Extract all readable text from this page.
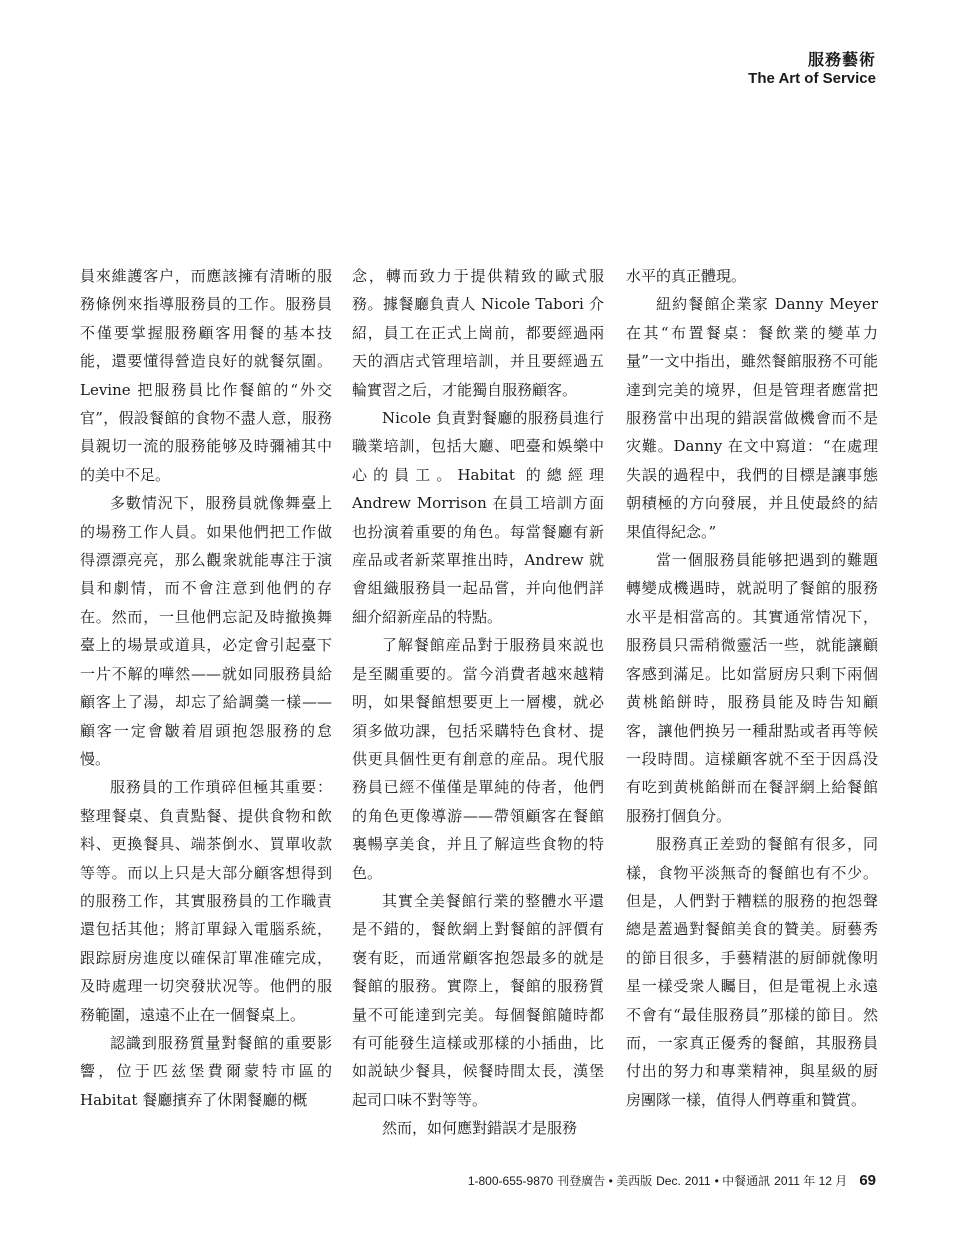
服務藝術
The Art of Service

員來維護客户，而應該擁有清晰的服務條例來指導服務員的工作。服務員不僅要掌握服務顧客用餐的基本技能，還要懂得營造良好的就餐氛圍。Levine 把服務員比作餐館的“外交官”，假設餐館的食物不盡人意，服務員親切一流的服務能够及時彌補其中的美中不足。

多數情況下，服務員就像舞臺上的場務工作人員。如果他們把工作做得漂漂亮亮，那么觀衆就能專注于演員和劇情，而不會注意到他們的存在。然而，一旦他們忘記及時撤換舞臺上的場景或道具，必定會引起臺下一片不解的嘩然——就如同服務員給顧客上了湯，却忘了給調羹一樣——顧客一定會皺着眉頭抱怨服務的怠慢。

服務員的工作瑣碎但極其重要：整理餐桌、負責點餐、提供食物和飲料、更換餐具、端茶倒水、買單收款等等。而以上只是大部分顧客想得到的服務工作，其實服務員的工作職責還包括其他；將訂單録入電腦系統，跟踪厨房進度以確保訂單准確完成，及時處理一切突發狀况等。他們的服務範圍，遠遠不止在一個餐桌上。

認識到服務質量對餐館的重要影響，位于匹兹堡費爾蒙特市區的 Habitat 餐廳擯弃了休閑餐廳的概

念，轉而致力于提供精致的歐式服務。據餐廳負責人 Nicole Tabori 介紹，員工在正式上崗前，都要經過兩天的酒店式管理培訓，并且要經過五輪實習之后，才能獨自服務顧客。

Nicole 負責對餐廳的服務員進行職業培訓，包括大廳、吧臺和娛樂中心的員工。Habitat 的總經理 Andrew Morrison 在員工培訓方面也扮演着重要的角色。每當餐廳有新産品或者新菜單推出時，Andrew 就會組織服務員一起品嘗，并向他們詳細介紹新産品的特點。

了解餐館産品對于服務員來説也是至關重要的。當今消費者越來越精明，如果餐館想要更上一層樓，就必須多做功課，包括采購特色食材、提供更具個性更有創意的産品。現代服務員已經不僅僅是單純的侍者，他們的角色更像導游——帶領顧客在餐館裏暢享美食，并且了解這些食物的特色。

其實全美餐館行業的整體水平還是不錯的，餐飲網上對餐館的評價有褒有貶，而通常顧客抱怨最多的就是餐館的服務。實際上，餐館的服務質量不可能達到完美。每個餐館隨時都有可能發生這樣或那樣的小插曲，比如説缺少餐具，候餐時間太長，漢堡起司口味不對等等。

然而，如何應對錯誤才是服務

水平的真正體現。

紐約餐館企業家 Danny Meyer 在其“布置餐桌：餐飲業的變革力量”一文中指出，雖然餐館服務不可能達到完美的境界，但是管理者應當把服務當中出現的錯誤當做機會而不是灾難。Danny 在文中寫道：“在處理失誤的過程中，我們的目標是讓事態朝積極的方向發展，并且使最終的結果值得紀念。”

當一個服務員能够把遇到的難題轉變成機遇時，就説明了餐館的服務水平是相當高的。其實通常情况下，服務員只需稍微靈活一些，就能讓顧客感到滿足。比如當厨房只剩下兩個黄桃餡餅時，服務員能及時告知顧客，讓他們换另一種甜點或者再等候一段時間。這樣顧客就不至于因爲没有吃到黄桃餡餅而在餐評網上給餐館服務打個負分。

服務真正差勁的餐館有很多，同樣，食物平淡無奇的餐館也有不少。但是，人們對于糟糕的服務的抱怨聲總是蓋過對餐館美食的贊美。厨藝秀的節目很多，手藝精湛的厨師就像明星一樣受衆人矚目，但是電視上永遠不會有“最佳服務員”那樣的節目。然而，一家真正優秀的餐館，其服務員付出的努力和專業精神，與星級的厨房團隊一樣，值得人們尊重和贊賞。

1-800-655-9870 刊登廣告 • 美西版 Dec. 2011 • 中餐通訊 2011 年 12 月 69
